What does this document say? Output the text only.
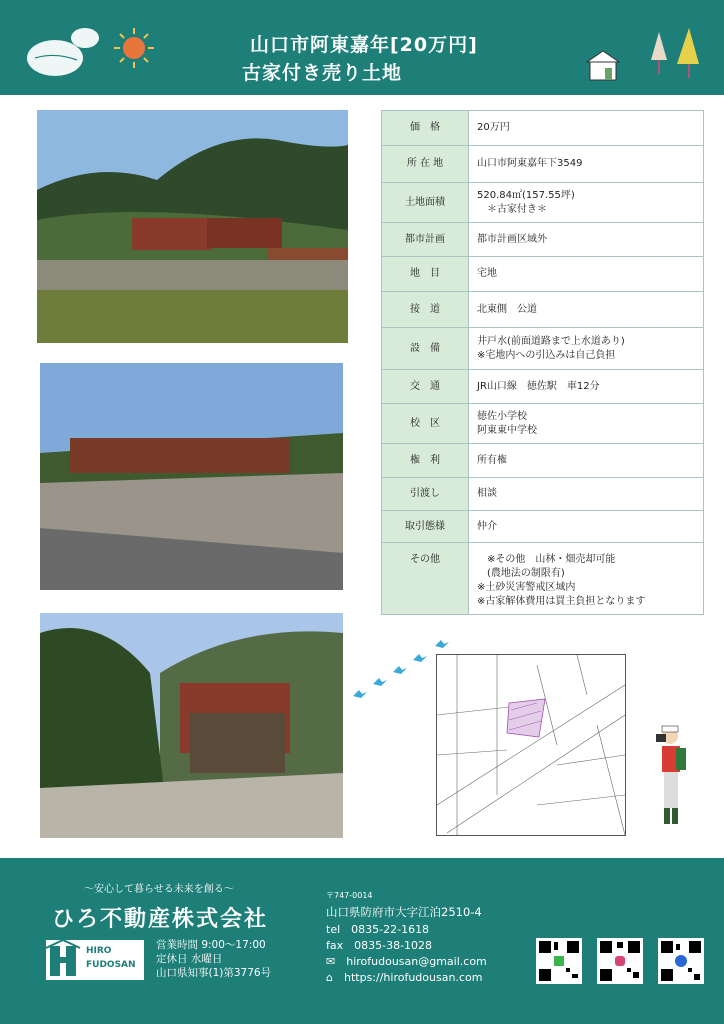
山口市阿東嘉年[20万円]
古家付き売り土地
価　格	20万円

所 在 地	山口市阿東嘉年下3549

土地面積	520.84㎡(157.55坪)
　＊古家付き＊

都市計画	都市計画区域外

地　目	宅地

接　道	北東側　公道

設　備	井戸水(前面道路まで上水道あり)
※宅地内への引込みは自己負担

交　通	JR山口線　徳佐駅　車12分

校　区	徳佐小学校
阿東東中学校

権　利	所有権

引渡し	相談

取引態様	仲介

その他	　※その他　山林・畑売却可能
　(農地法の制限有)
※土砂災害警戒区域内
※古家解体費用は買主負担となります
〜安心して暮らせる未来を創る〜
ひろ不動産株式会社
HIRO
FUDOSAN
営業時間 9:00〜17:00
定休日 水曜日
山口県知事(1)第3776号
〒747-0014
山口県防府市大字江泊2510-4
tel　0835-22-1618
fax　0835-38-1028
✉　 hirofudousan@gmail.com
⌂　 https://hirofudousan.com
